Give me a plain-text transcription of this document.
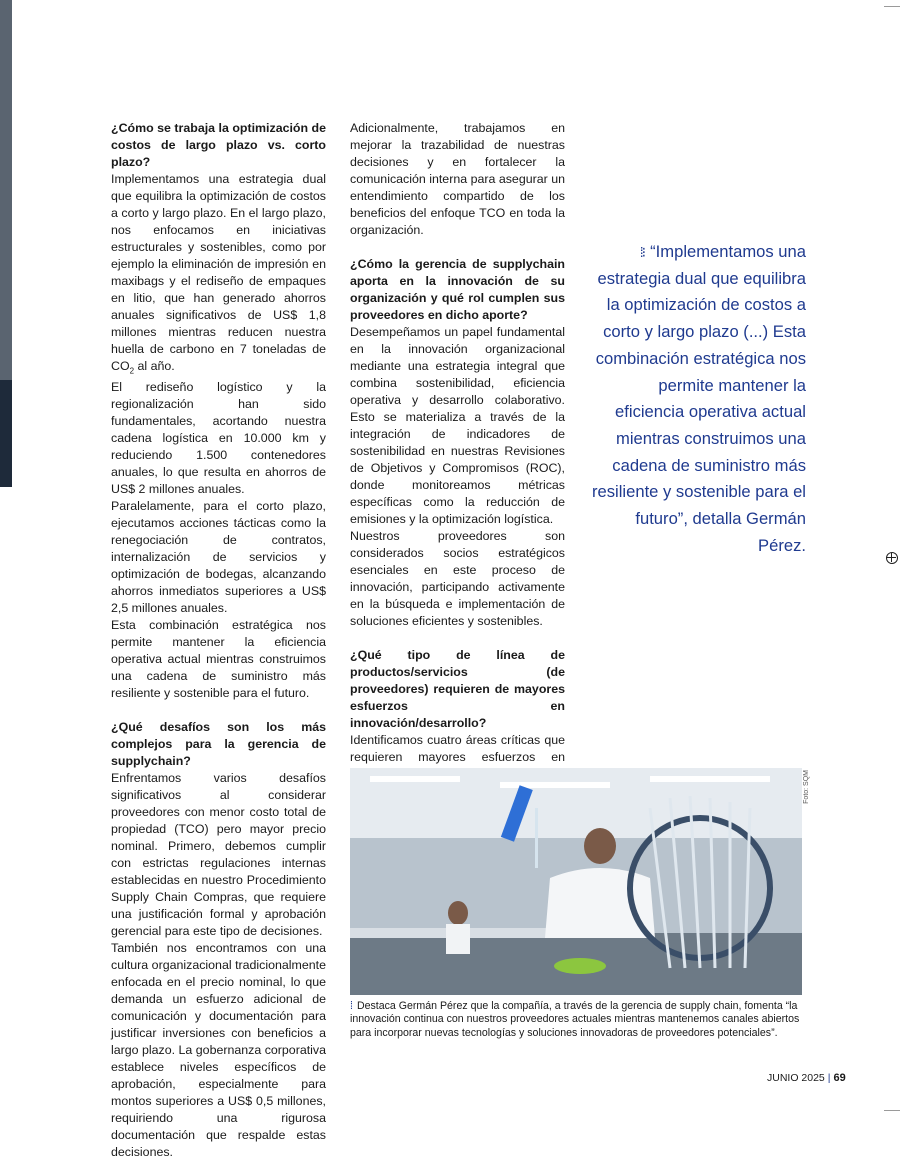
¿Cómo se trabaja la optimización de costos de largo plazo vs. corto plazo?

Implementamos una estrategia dual que equilibra la optimización de costos a corto y largo plazo. En el largo plazo, nos enfocamos en iniciativas estructurales y sostenibles, como por ejemplo la eliminación de impresión en maxibags y el rediseño de empaques en litio, que han generado ahorros anuales significativos de US$ 1,8 millones mientras reducen nuestra huella de carbono en 7 toneladas de $CO_2$ al año.

El rediseño logístico y la regionalización han sido fundamentales, acortando nuestra cadena logística en 10.000 km y reduciendo 1.500 contenedores anuales, lo que resulta en ahorros de US$ 2 millones anuales.

Paralelamente, para el corto plazo, ejecutamos acciones tácticas como la renegociación de contratos, internalización de servicios y optimización de bodegas, alcanzando ahorros inmediatos superiores a US$ 2,5 millones anuales.

Esta combinación estratégica nos permite mantener la eficiencia operativa actual mientras construimos una cadena de suministro más resiliente y sostenible para el futuro.

¿Qué desafíos son los más complejos para la gerencia de supplychain?

Enfrentamos varios desafíos significativos al considerar proveedores con menor costo total de propiedad (TCO) pero mayor precio nominal. Primero, debemos cumplir con estrictas regulaciones internas establecidas en nuestro Procedimiento Supply Chain Compras, que requiere una justificación formal y aprobación gerencial para este tipo de decisiones.

También nos encontramos con una cultura organizacional tradicionalmente enfocada en el precio nominal, lo que demanda un esfuerzo adicional de comunicación y documentación para justificar inversiones con beneficios a largo plazo. La gobernanza corporativa establece niveles específicos de aprobación, especialmente para montos superiores a US$ 0,5 millones, requiriendo una rigurosa documentación que respalde estas decisiones.

Adicionalmente, trabajamos en mejorar la trazabilidad de nuestras decisiones y en fortalecer la comunicación interna para asegurar un entendimiento compartido de los beneficios del enfoque TCO en toda la organización.

¿Cómo la gerencia de supplychain aporta en la innovación de su organización y qué rol cumplen sus proveedores en dicho aporte?

Desempeñamos un papel fundamental en la innovación organizacional mediante una estrategia integral que combina sostenibilidad, eficiencia operativa y desarrollo colaborativo. Esto se materializa a través de la integración de indicadores de sostenibilidad en nuestras Revisiones de Objetivos y Compromisos (ROC), donde monitoreamos métricas específicas como la reducción de emisiones y la optimización logística.

Nuestros proveedores son considerados socios estratégicos esenciales en este proceso de innovación, participando activamente en la búsqueda e implementación de soluciones eficientes y sostenibles.

¿Qué tipo de línea de productos/servicios (de proveedores) requieren de mayores esfuerzos en innovación/desarrollo?

Identificamos cuatro áreas críticas que requieren mayores esfuerzos en

⁞⁝ “Implementamos una estrategia dual que equilibra la optimización de costos a corto y largo plazo (...) Esta combinación estratégica nos permite mantener la eficiencia operativa actual mientras construimos una cadena de suministro más resiliente y sostenible para el futuro”, detalla Germán Pérez.
Foto: SQM
⁞ Destaca Germán Pérez que la compañía, a través de la gerencia de supply chain, fomenta “la innovación continua con nuestros proveedores actuales mientras mantenemos canales abiertos para incorporar nuevas tecnologías y soluciones innovadoras de proveedores potenciales”.
JUNIO 2025 | 69
